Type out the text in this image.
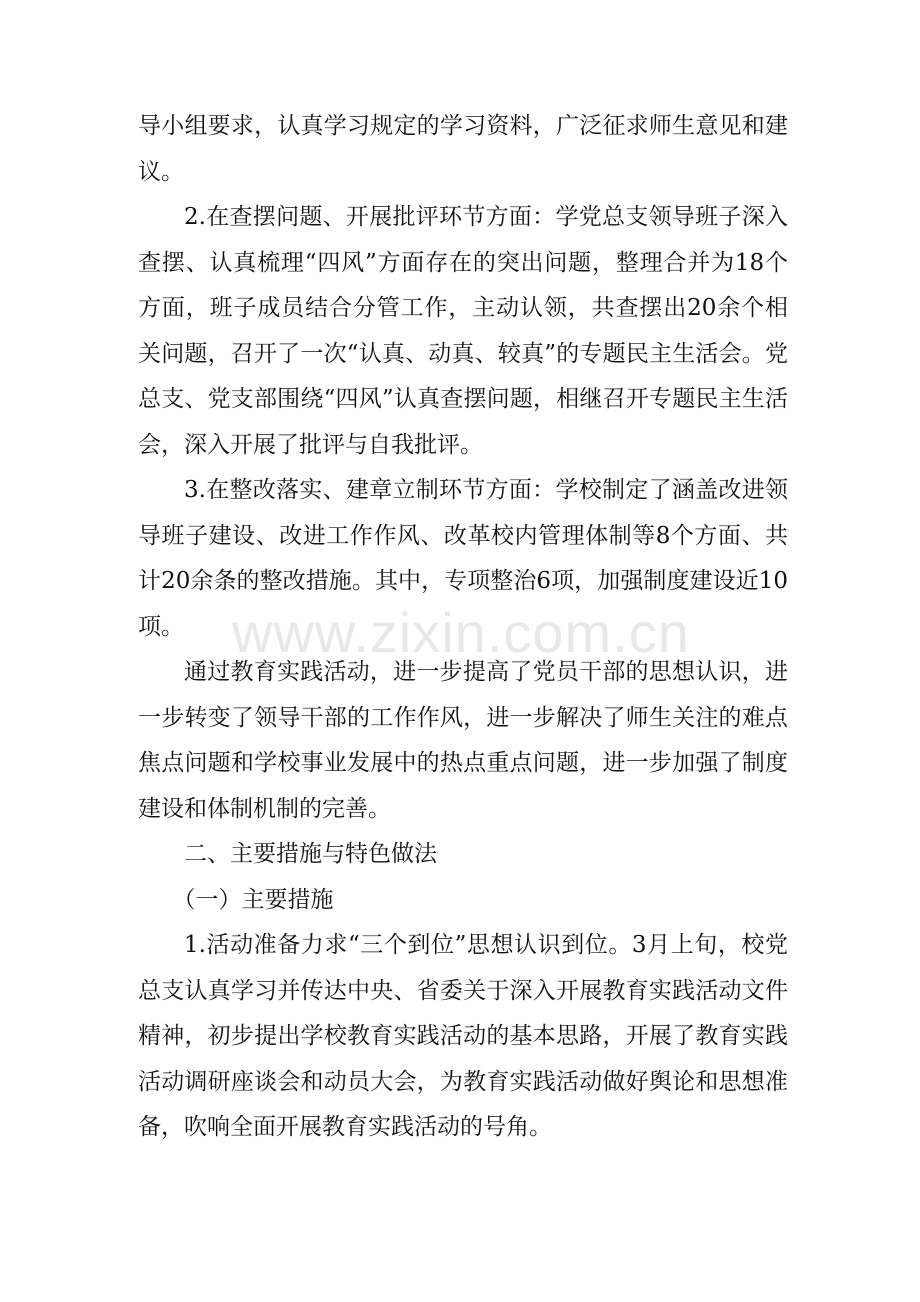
导小组要求，认真学习规定的学习资料，广泛征求师生意见和建议。

2.在查摆问题、开展批评环节方面：学党总支领导班子深入查摆、认真梳理“四风”方面存在的突出问题，整理合并为18个方面，班子成员结合分管工作，主动认领，共查摆出20余个相关问题，召开了一次“认真、动真、较真”的专题民主生活会。党总支、党支部围绕“四风”认真查摆问题，相继召开专题民主生活会，深入开展了批评与自我批评。

3.在整改落实、建章立制环节方面：学校制定了涵盖改进领导班子建设、改进工作作风、改革校内管理体制等8个方面、共计20余条的整改措施。其中，专项整治6项，加强制度建设近10项。

通过教育实践活动，进一步提高了党员干部的思想认识，进一步转变了领导干部的工作作风，进一步解决了师生关注的难点焦点问题和学校事业发展中的热点重点问题，进一步加强了制度建设和体制机制的完善。

二、主要措施与特色做法

（一）主要措施

1.活动准备力求“三个到位”思想认识到位。3月上旬，校党总支认真学习并传达中央、省委关于深入开展教育实践活动文件精神，初步提出学校教育实践活动的基本思路，开展了教育实践活动调研座谈会和动员大会，为教育实践活动做好舆论和思想准备，吹响全面开展教育实践活动的号角。

www.zixin.com.cn
